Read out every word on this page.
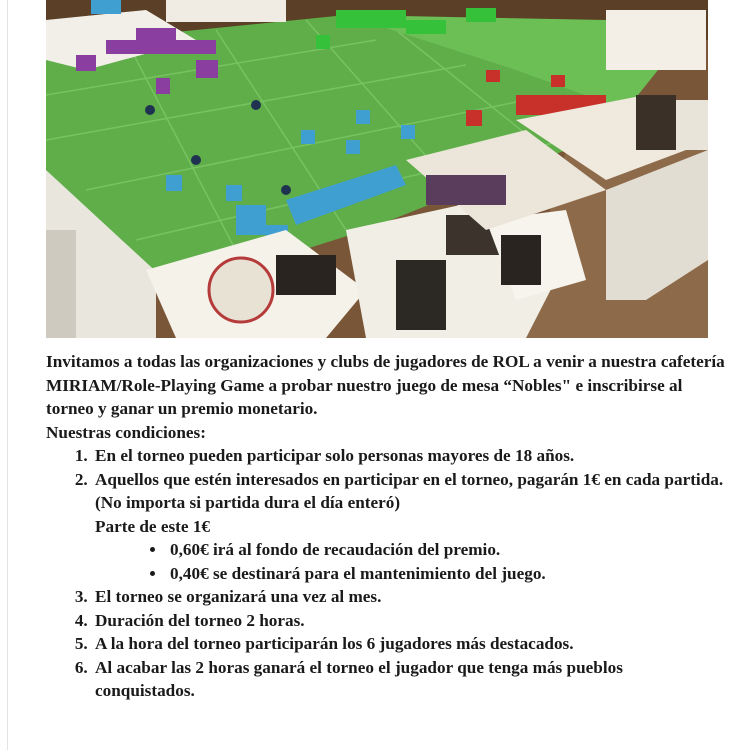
Invitamos a todas las organizaciones y clubs de jugadores de ROL a venir a nuestra cafetería MIRIAM/Role-Playing Game a probar nuestro juego de mesa “Nobles" e inscribirse al torneo y ganar un premio monetario.

Nuestras condiciones:

1. En el torneo pueden participar solo personas mayores de 18 años.
2. Aquellos que estén interesados en participar en el torneo, pagarán 1€ en cada partida. (No importa si partida dura el día enteró)
Parte de este 1€
• 0,60€ irá al fondo de recaudación del premio.
• 0,40€ se destinará para el mantenimiento del juego.
3. El torneo se organizará una vez al mes.
4. Duración del torneo 2 horas.
5. A la hora del torneo participarán los 6 jugadores más destacados.
6. Al acabar las 2 horas ganará el torneo el jugador que tenga más pueblos conquistados.
